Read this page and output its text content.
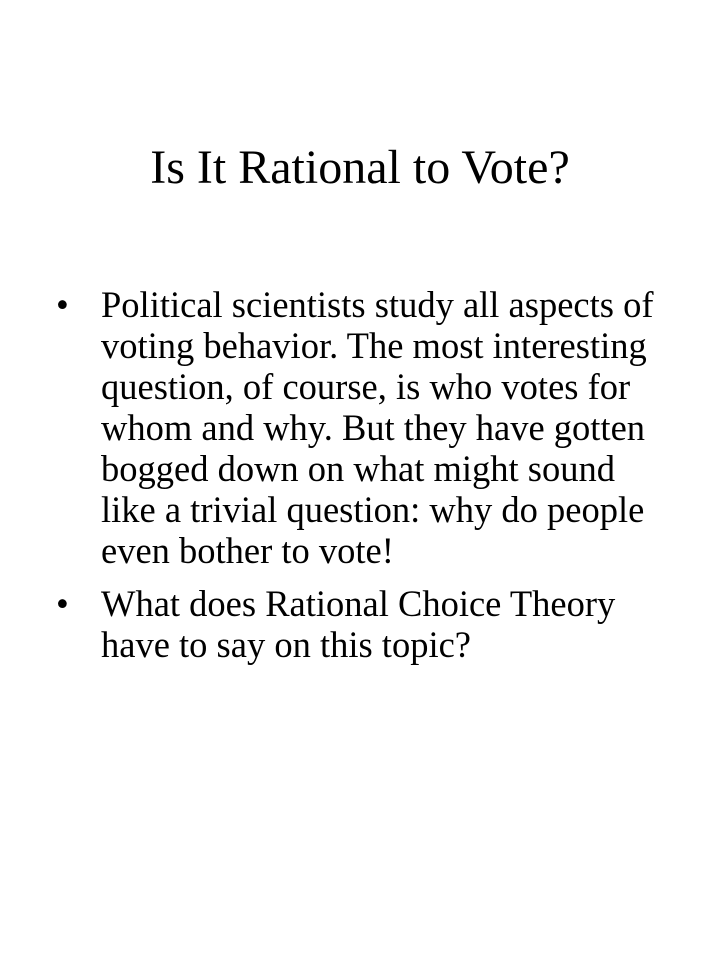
Is It Rational to Vote?
• Political scientists study all aspects of voting behavior. The most interesting question, of course, is who votes for whom and why. But they have gotten bogged down on what might sound like a trivial question: why do people even bother to vote!
• What does Rational Choice Theory have to say on this topic?
